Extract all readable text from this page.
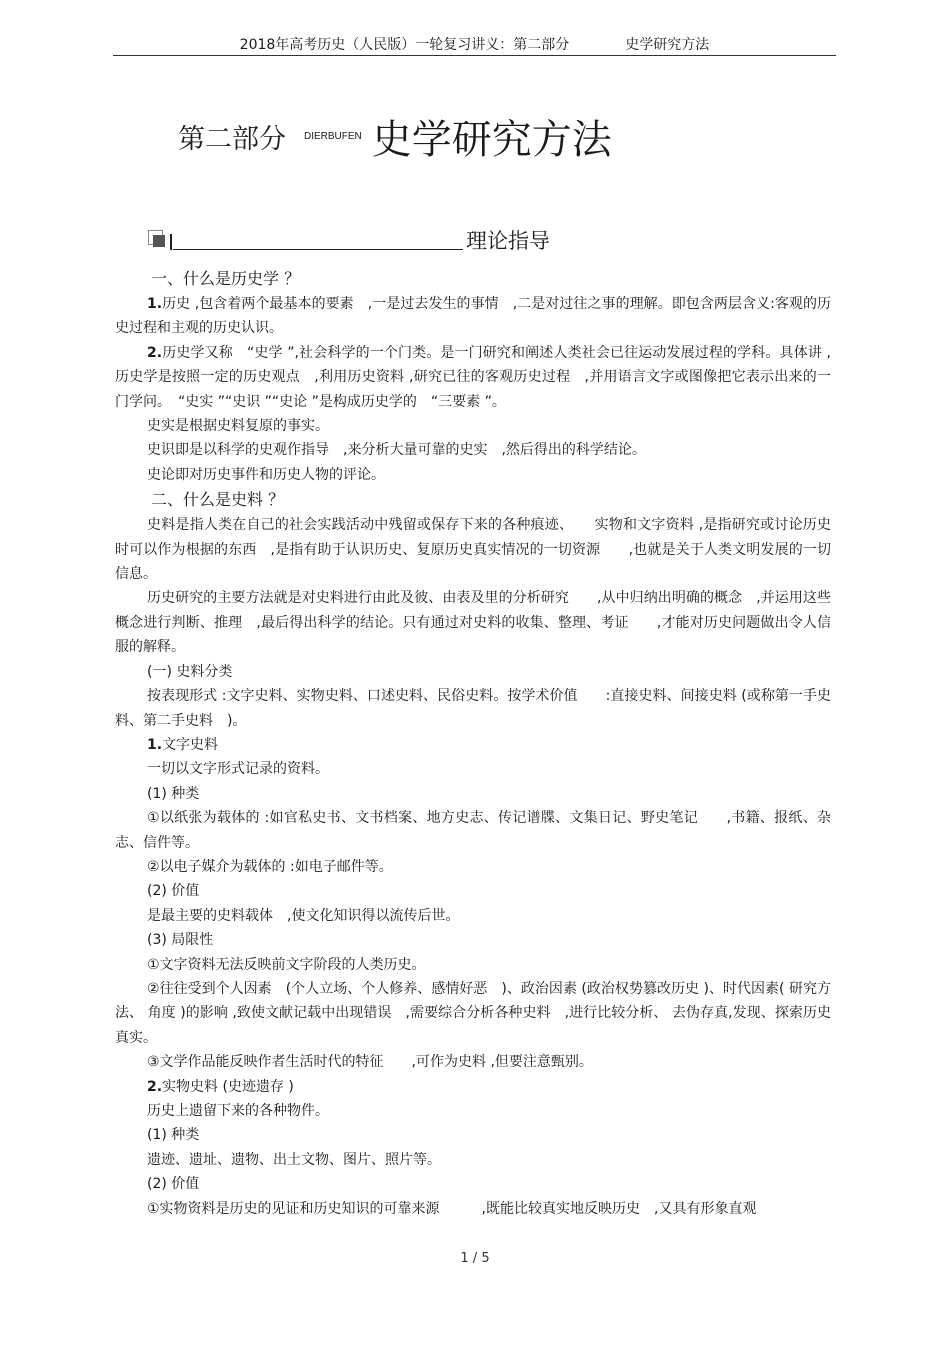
2018年高考历史（人民版）一轮复习讲义：第二部分　　　　史学研究方法
第二部分 DIERBUFEN 史学研究方法
理论指导

一、什么是历史学 ？

1.历史 ,包含着两个最基本的要素　,一是过去发生的事情　,二是对过往之事的理解。即包含两层含义:客观的历史过程和主观的历史认识。

2.历史学又称　“史学 ”,社会科学的一个门类。是一门研究和阐述人类社会已往运动发展过程的学科。具体讲 ,历史学是按照一定的历史观点　,利用历史资料 ,研究已往的客观历史过程　,并用语言文字或图像把它表示出来的一门学问。　“史实 ”“史识 ”“史论 ”是构成历史学的　“三要素 ”。

史实是根据史料复原的事实。

史识即是以科学的史观作指导　,来分析大量可靠的史实　,然后得出的科学结论。

史论即对历史事件和历史人物的评论。

二、什么是史料 ？

史料是指人类在自己的社会实践活动中残留或保存下来的各种痕迹、　　实物和文字资料 ,是指研究或讨论历史时可以作为根据的东西　,是指有助于认识历史、复原历史真实情况的一切资源　　,也就是关于人类文明发展的一切信息。

历史研究的主要方法就是对史料进行由此及彼、由表及里的分析研究　　,从中归纳出明确的概念　,并运用这些概念进行判断、推理　,最后得出科学的结论。只有通过对史料的收集、整理、考证　　,才能对历史问题做出令人信服的解释。

(一) 史料分类

按表现形式 :文字史料、实物史料、口述史料、民俗史料。按学术价值　　:直接史料、间接史料 (或称第一手史料、第二手史料　)。

1.文字史料

一切以文字形式记录的资料。

(1) 种类

①以纸张为载体的 :如官私史书、文书档案、地方史志、传记谱牒、文集日记、野史笔记　　,书籍、报纸、杂志、信件等。

②以电子媒介为载体的 :如电子邮件等。

(2) 价值

是最主要的史料载体　,使文化知识得以流传后世。

(3) 局限性

①文字资料无法反映前文字阶段的人类历史。

②往往受到个人因素　(个人立场、个人修养、感情好恶　)、政治因素 (政治权势篡改历史 )、时代因素( 研究方法、 角度 )的影响 ,致使文献记载中出现错误　,需要综合分析各种史料　,进行比较分析、 去伪存真,发现、探索历史真实。

③文学作品能反映作者生活时代的特征　　,可作为史料 ,但要注意甄别。

2.实物史料 (史迹遗存 )

历史上遗留下来的各种物件。

(1) 种类

遗迹、遗址、遗物、出土文物、图片、照片等。

(2) 价值

①实物资料是历史的见证和历史知识的可靠来源　　　,既能比较真实地反映历史　,又具有形象直观

1 / 5
